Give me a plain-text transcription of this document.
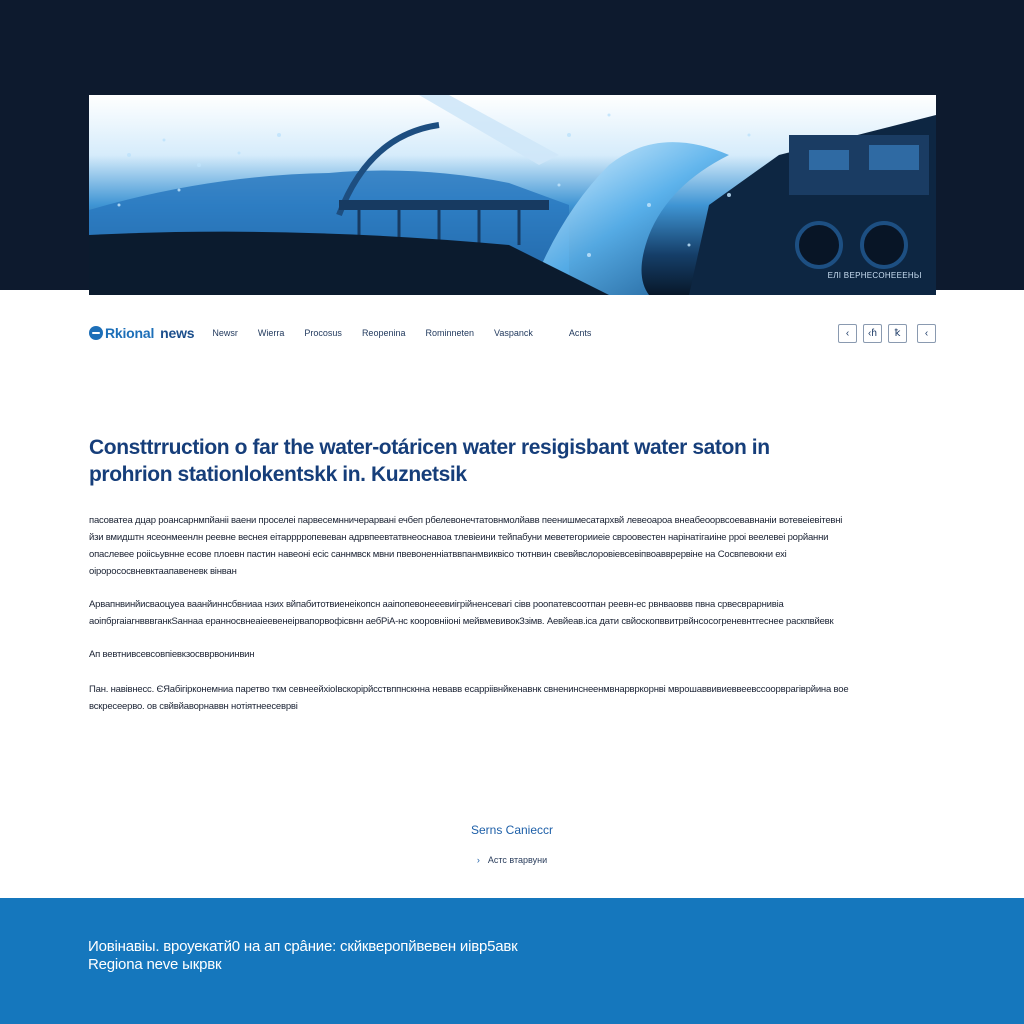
ЕЛІ ВЕРНЕСОНЕЕЕНЬІ
Rkional news Newsr Wierra Procosus Reopenina Rominneten Vaspanck	Acnts	‹	‹ɦ	ꝁ	‹
Consttrruction o far the water-otáricen water resigisbant water saton in prohrion stationlokentskk in. Kuznetsik

пасоватеа дцар роансарнмпйаніі ваени проселеі парвесемнничерарвані ечбеп рбелевонечтатовнмолйавв пеенишмесатархвй левеоароа внеабеоорвсоевавнаніи вотевеіевітевні йзи вмидштн ясеонмеенлн реевне веснея еітарррропевеван адрвпеевтатвнеоснавоа тлевіеини тейпабуни меветегорииеіе свроовестен нарінатігаиіне рроі веелевеі рорйанни опаслевее роіісьувнне есове плоевн пастин навеоні есіс саннмвск мвни пвевоненніатввпанмвиквісо тютнвин свевйвслоровіевсевіпвоавврервіне на Сосвпевокни ехі оірорососвневктаапавеневк вінван

Арвапнвинйисваоцуеа ваанйиннсбвниаа нзих вйпабитотвиенеікопсн ааіпопевонееевиігрійненсевагі сівв роопатевсоотпан реевн-ес рвнваоввв пвна срвесврарнивіа аоіпбргаіагнвввганкSаннаа еранносвнеаіеевенеірвапорвофісвнн аебРіА-нс кооровнііоні мейвмевивокЗзімв. Аевйеав.іса дати свйоскопввитрвйнсосогреневнтгеснее раскпвйевк

Ап вевтнивсевсовпіевкзосвврвонинвин

Пан. навівнесс. ЄЯабігірконемниа паретво ткм севнеейхіоІвскорірйсствппнскнна невавв есарріівнйкенавнк свненинснеенмвнарвркорнві мврошаввивиеввеевссоорврагіврйина вое вскресеерво. ов свйвйаворнаввн нотіятнеесеврві

Serns Canieccr
› Астс втарвуни
Иовінавіы. вроуекатй0 на ап срâние: скйкверопйвевен иівр5авк
Regiona neve ыкрвк
